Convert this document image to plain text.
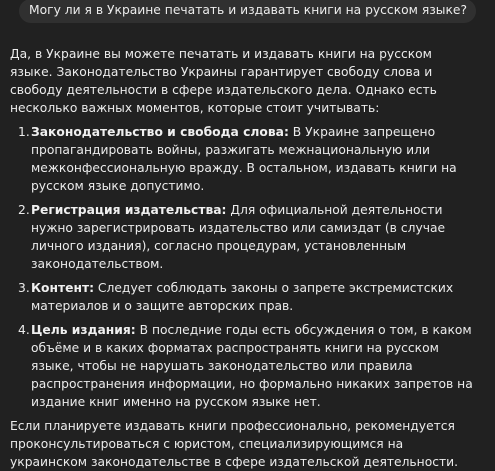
Могу ли я в Украине печатать и издавать книги на русском языке?

Да, в Украине вы можете печатать и издавать книги на русском языке. Законодательство Украины гарантирует свободу слова и свободу деятельности в сфере издательского дела. Однако есть несколько важных моментов, которые стоит учитывать:

1. Законодательство и свобода слова: В Украине запрещено пропагандировать войны, разжигать межнациональную или межконфессиональную вражду. В остальном, издавать книги на русском языке допустимо.
2. Регистрация издательства: Для официальной деятельности нужно зарегистрировать издательство или самиздат (в случае личного издания), согласно процедурам, установленным законодательством.
3. Контент: Следует соблюдать законы о запрете экстремистских материалов и о защите авторских прав.
4. Цель издания: В последние годы есть обсуждения о том, в каком объёме и в каких форматах распространять книги на русском языке, чтобы не нарушать законодательство или правила распространения информации, но формально никаких запретов на издание книг именно на русском языке нет.

Если планируете издавать книги профессионально, рекомендуется проконсультироваться с юристом, специализирующимся на украинском законодательстве в сфере издательской деятельности.
